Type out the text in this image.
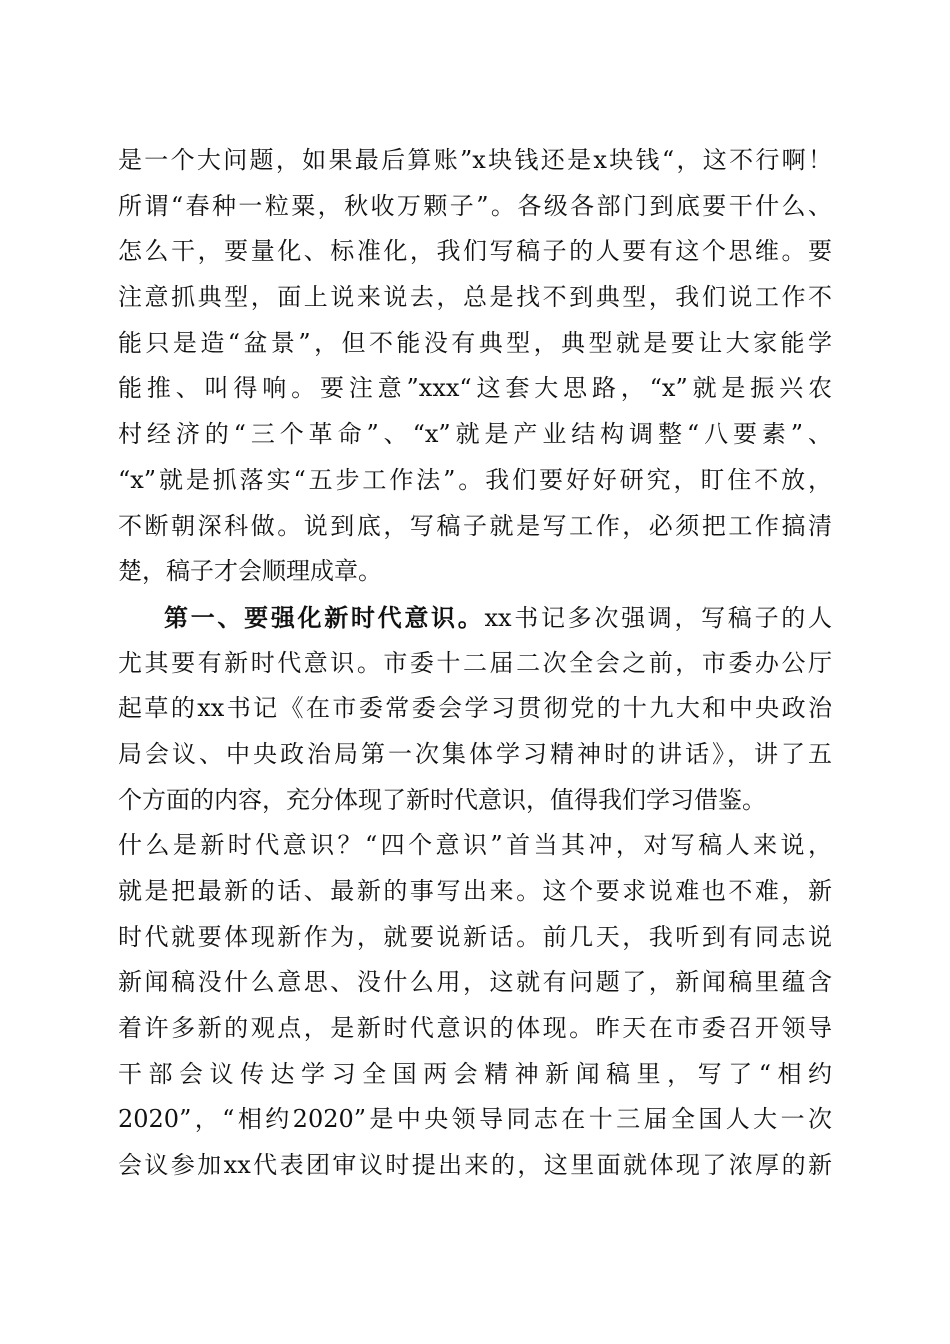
是一个大问题，如果最后算账”x块钱还是x块钱“，这不行啊！
所谓“春种一粒粟，秋收万颗子”。各级各部门到底要干什么、
怎么干，要量化、标准化，我们写稿子的人要有这个思维。要
注意抓典型，面上说来说去，总是找不到典型，我们说工作不
能只是造“盆景”，但不能没有典型，典型就是要让大家能学
能推、叫得响。要注意”xxx“这套大思路，“x”就是振兴农
村经济的“三个革命”、“x”就是产业结构调整“八要素”、
“x”就是抓落实“五步工作法”。我们要好好研究，盯住不放，
不断朝深科做。说到底，写稿子就是写工作，必须把工作搞清
楚，稿子才会顺理成章。
第一、要强化新时代意识。xx书记多次强调，写稿子的人
尤其要有新时代意识。市委十二届二次全会之前，市委办公厅
起草的xx书记《在市委常委会学习贯彻党的十九大和中央政治
局会议、中央政治局第一次集体学习精神时的讲话》，讲了五
个方面的内容，充分体现了新时代意识，值得我们学习借鉴。
什么是新时代意识？“四个意识”首当其冲，对写稿人来说，
就是把最新的话、最新的事写出来。这个要求说难也不难，新
时代就要体现新作为，就要说新话。前几天，我听到有同志说
新闻稿没什么意思、没什么用，这就有问题了，新闻稿里蕴含
着许多新的观点，是新时代意识的体现。昨天在市委召开领导
干部会议传达学习全国两会精神新闻稿里，写了“相约
2020”，“相约2020”是中央领导同志在十三届全国人大一次
会议参加xx代表团审议时提出来的，这里面就体现了浓厚的新
